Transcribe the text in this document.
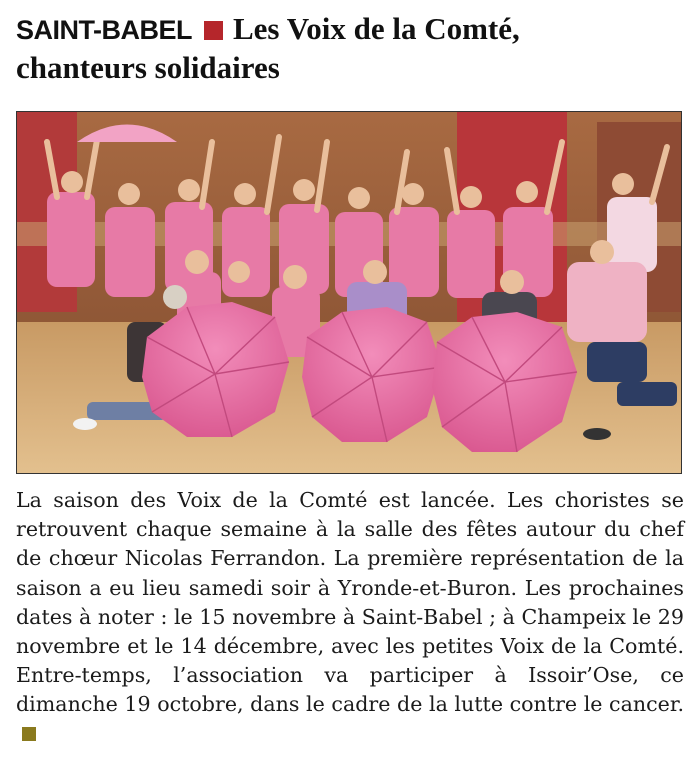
SAINT-BABEL Les Voix de la Comté,
chanteurs solidaires
La saison des Voix de la Comté est lancée. Les choristes se retrouvent chaque semaine à la salle des fêtes autour du chef de chœur Nicolas Ferrandon. La première représentation de la saison a eu lieu samedi soir à Yronde-et-Buron. Les prochaines dates à noter : le 15 novembre à Saint-Babel ; à Champeix le 29 novembre et le 14 décembre, avec les petites Voix de la Comté. Entre-temps, l’association va participer à Issoir’Ose, ce dimanche 19 octobre, dans le cadre de la lutte contre le cancer.
